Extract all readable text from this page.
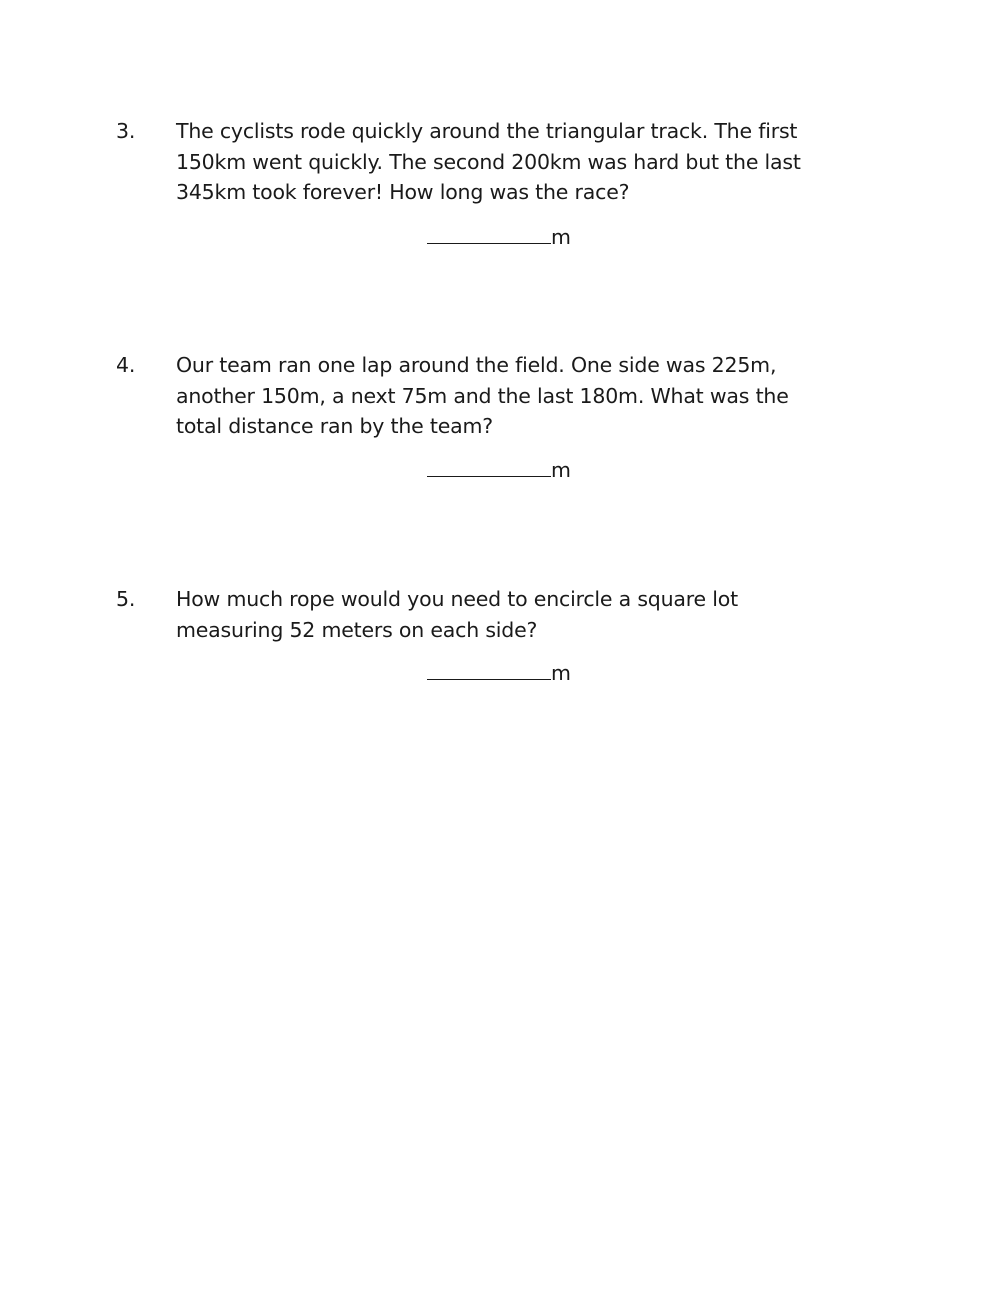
3. The cyclists rode quickly around the triangular track. The first
150km went quickly. The second 200km was hard but the last
345km took forever! How long was the race?
m
4. Our team ran one lap around the field. One side was 225m,
another 150m, a next 75m and the last 180m. What was the
total distance ran by the team?
m
5. How much rope would you need to encircle a square lot
measuring 52 meters on each side?
m
